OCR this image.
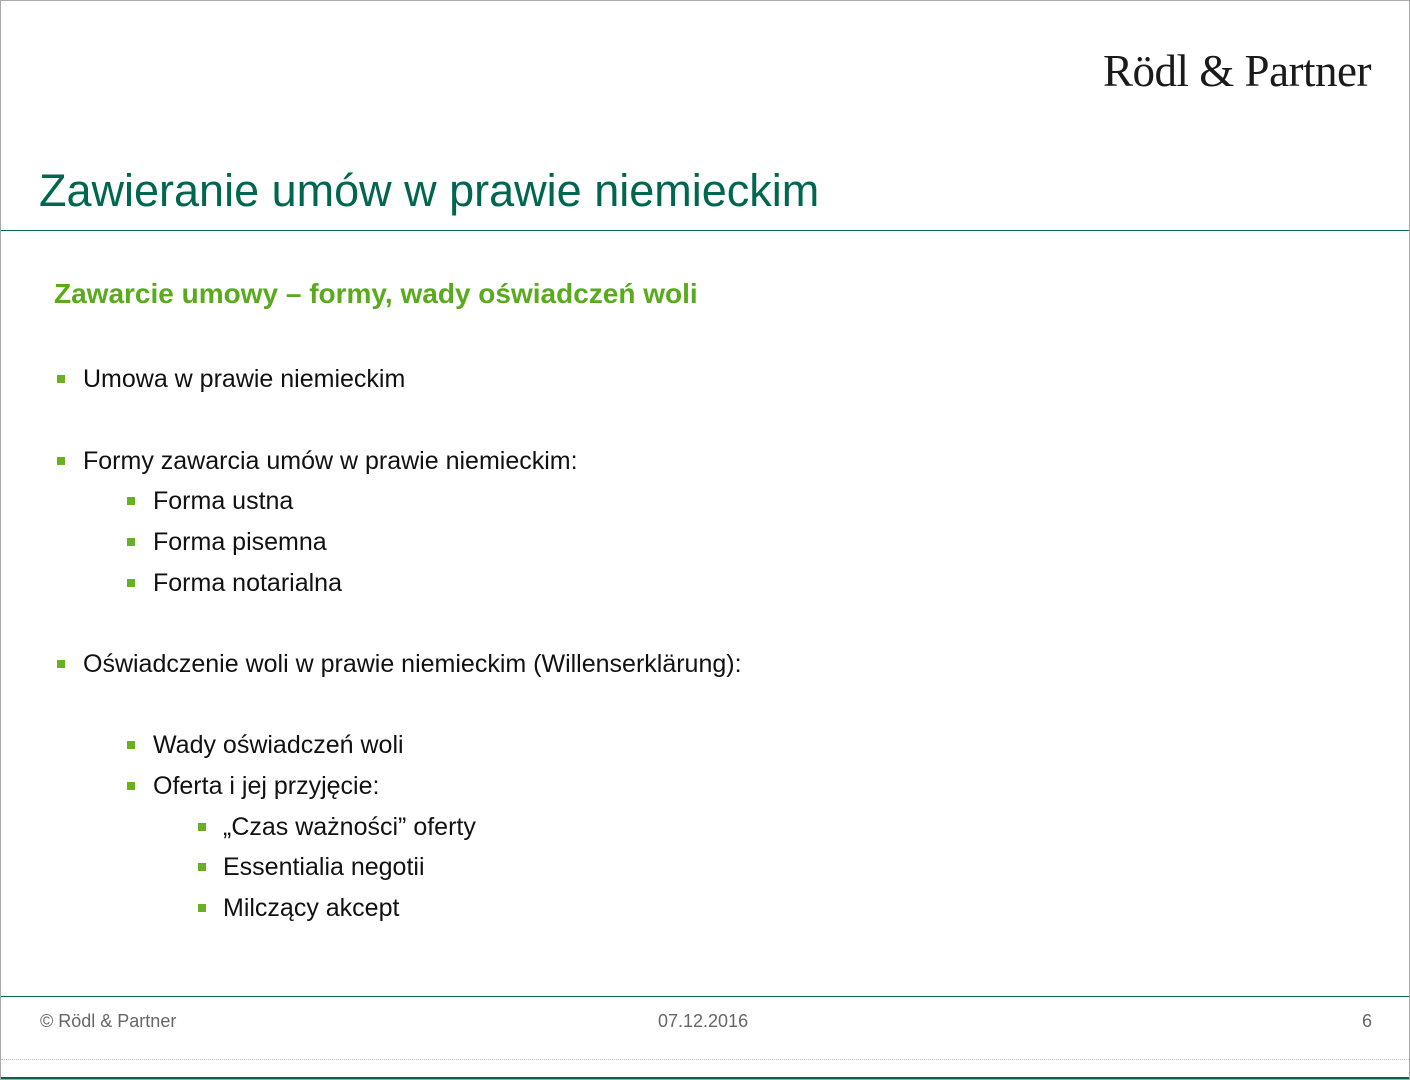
Rödl & Partner
Zawieranie umów w prawie niemieckim
Zawarcie umowy – formy, wady oświadczeń woli
Umowa w prawie niemieckim
Formy zawarcia umów w prawie niemieckim:
Forma ustna
Forma pisemna
Forma notarialna
Oświadczenie woli w prawie niemieckim (Willenserklärung):
Wady oświadczeń woli
Oferta i jej przyjęcie:
„Czas ważności” oferty
Essentialia negotii
Milczący akcept
© Rödl & Partner	07.12.2016	6
